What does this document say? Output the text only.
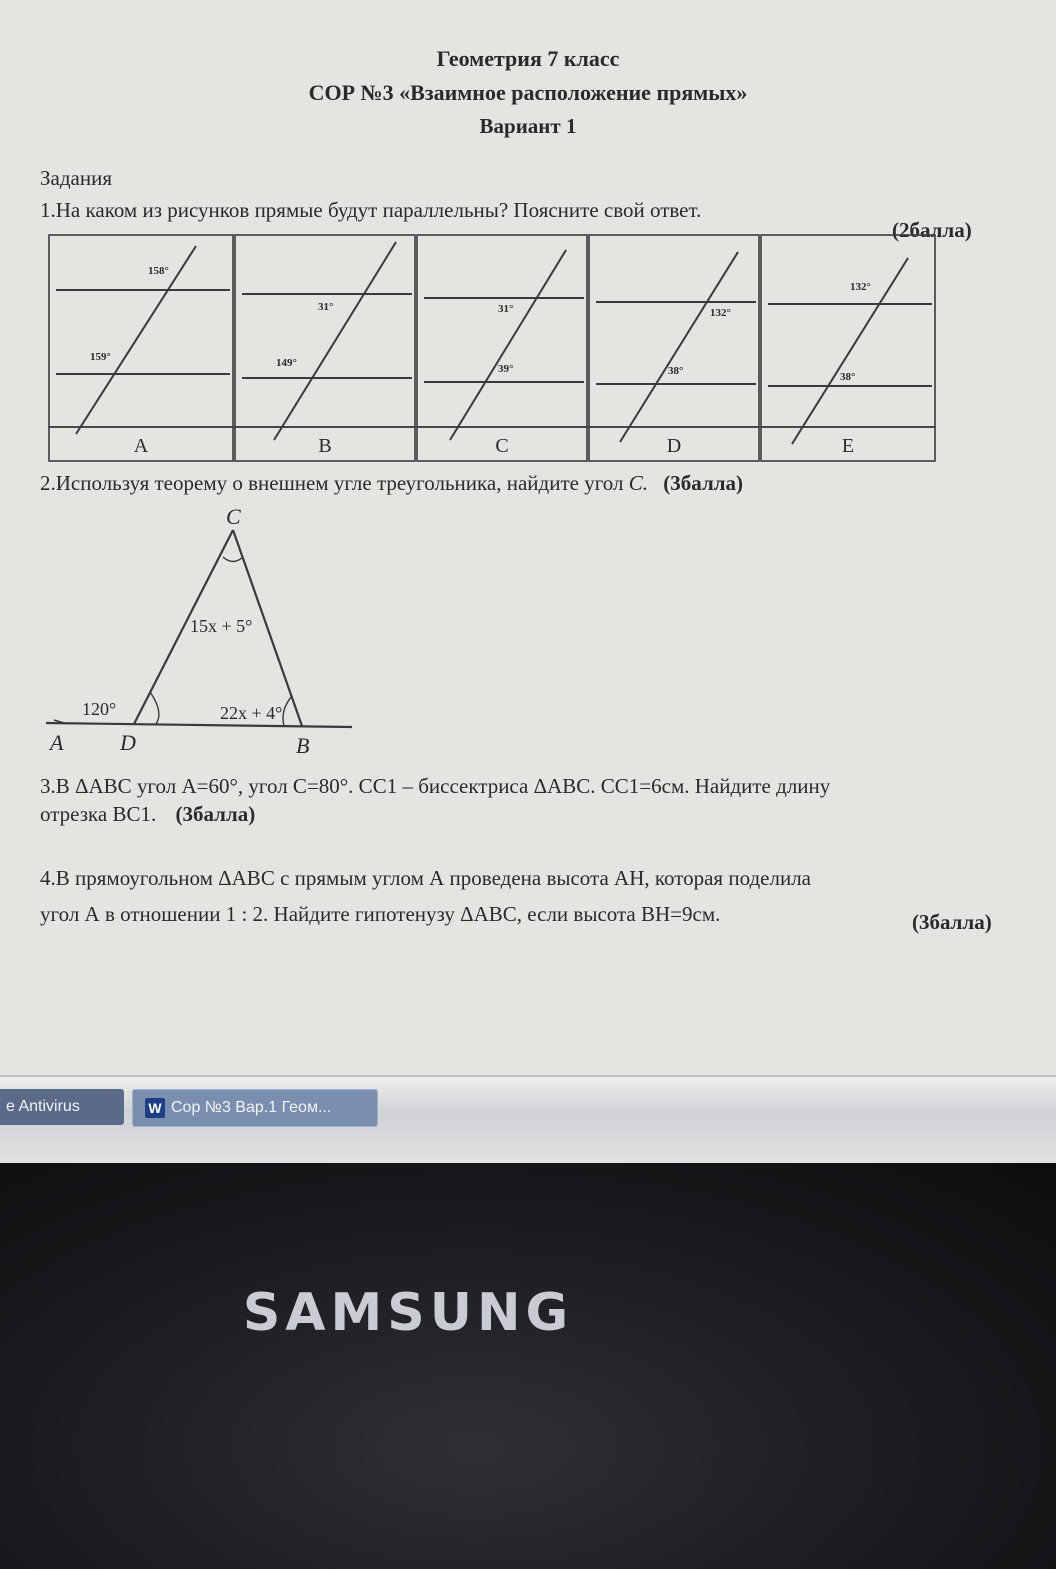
Геометрия 7 класс
СОР №3 «Взаимное расположение прямых»
Вариант 1
Задания
1.На каком из рисунков прямые будут параллельны? Поясните свой ответ.
(2балла)
158°
159°
A
31°
149°
B
31°
39°
C
132°
38°
D
132°
38°
E
2.Используя теорему о внешнем угле треугольника, найдите угол C. (3балла)
C
A	D	B
15x + 5°
22x + 4°
120°
3.В ΔАВС угол А=60°, угол С=80°. СС1 – биссектриса ΔАВС. СС1=6см. Найдите длину
отрезка ВС1. (3балла)
4.В прямоугольном ΔАВС с прямым углом А проведена высота АН, которая поделила
угол А в отношении 1 : 2. Найдите гипотенузу ΔАВС, если высота ВН=9см.	(3балла)
e Antivirus	W Сор №3 Вар.1 Геом...
SAMSUNG
